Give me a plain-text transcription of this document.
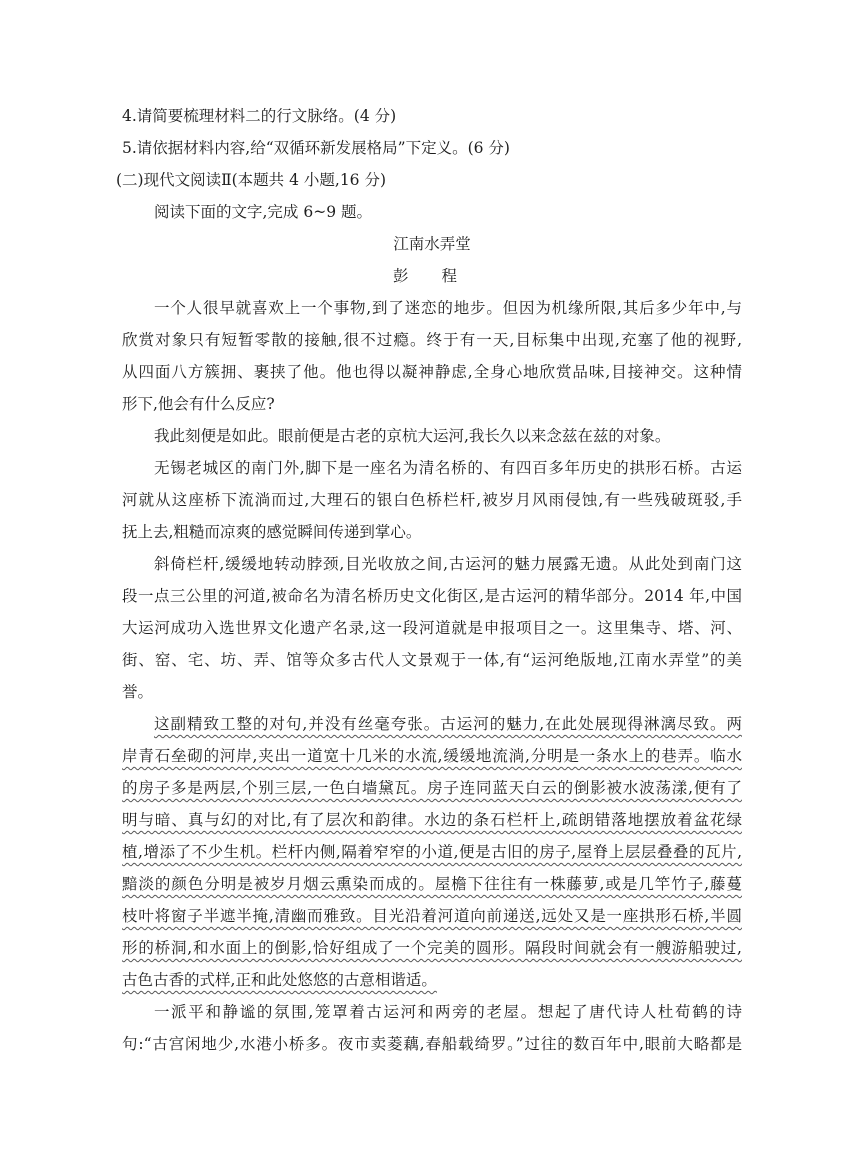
4.请简要梳理材料二的行文脉络。(4 分)
5.请依据材料内容,给“双循环新发展格局”下定义。(6 分)
(二)现代文阅读Ⅱ(本题共 4 小题,16 分)
阅读下面的文字,完成 6~9 题。
江南水弄堂
彭 程
一个人很早就喜欢上一个事物,到了迷恋的地步。但因为机缘所限,其后多少年中,与
欣赏对象只有短暂零散的接触,很不过瘾。终于有一天,目标集中出现,充塞了他的视野,
从四面八方簇拥、裹挟了他。他也得以凝神静虑,全身心地欣赏品味,目接神交。这种情
形下,他会有什么反应?
我此刻便是如此。眼前便是古老的京杭大运河,我长久以来念兹在兹的对象。
无锡老城区的南门外,脚下是一座名为清名桥的、有四百多年历史的拱形石桥。古运
河就从这座桥下流淌而过,大理石的银白色桥栏杆,被岁月风雨侵蚀,有一些残破斑驳,手
抚上去,粗糙而凉爽的感觉瞬间传递到掌心。
斜倚栏杆,缓缓地转动脖颈,目光收放之间,古运河的魅力展露无遗。从此处到南门这
段一点三公里的河道,被命名为清名桥历史文化街区,是古运河的精华部分。2014 年,中国
大运河成功入选世界文化遗产名录,这一段河道就是申报项目之一。这里集寺、塔、河、
街、窑、宅、坊、弄、馆等众多古代人文景观于一体,有“运河绝版地,江南水弄堂”的美
誉。
这副精致工整的对句,并没有丝毫夸张。古运河的魅力,在此处展现得淋漓尽致。两
岸青石垒砌的河岸,夹出一道宽十几米的水流,缓缓地流淌,分明是一条水上的巷弄。临水
的房子多是两层,个别三层,一色白墙黛瓦。房子连同蓝天白云的倒影被水波荡漾,便有了
明与暗、真与幻的对比,有了层次和韵律。水边的条石栏杆上,疏朗错落地摆放着盆花绿
植,增添了不少生机。栏杆内侧,隔着窄窄的小道,便是古旧的房子,屋脊上层层叠叠的瓦片,
黯淡的颜色分明是被岁月烟云熏染而成的。屋檐下往往有一株藤萝,或是几竿竹子,藤蔓
枝叶将窗子半遮半掩,清幽而雅致。目光沿着河道向前递送,远处又是一座拱形石桥,半圆
形的桥洞,和水面上的倒影,恰好组成了一个完美的圆形。隔段时间就会有一艘游船驶过,
古色古香的式样,正和此处悠悠的古意相谐适。
一派平和静谧的氛围,笼罩着古运河和两旁的老屋。想起了唐代诗人杜荀鹤的诗
句:“古宫闲地少,水港小桥多。夜市卖菱藕,春船载绮罗。”过往的数百年中,眼前大略都是
